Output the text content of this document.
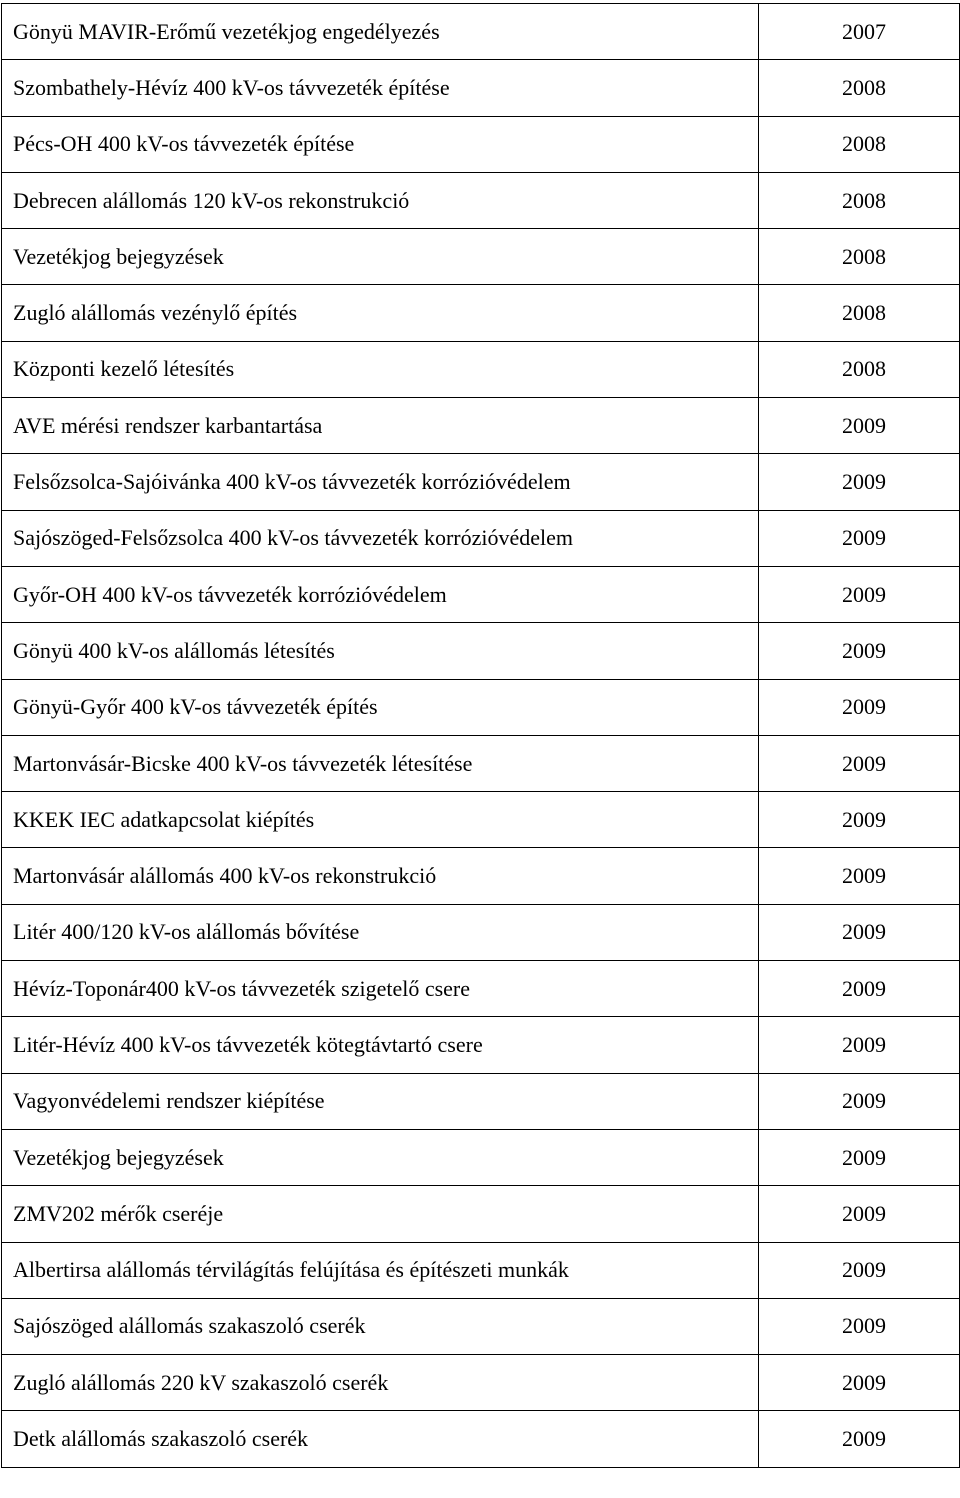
Gönyü MAVIR-Erőmű vezetékjog engedélyezés	2007
Szombathely-Hévíz 400 kV-os távvezeték építése	2008
Pécs-OH 400 kV-os távvezeték építése	2008
Debrecen alállomás 120 kV-os rekonstrukció	2008
Vezetékjog bejegyzések	2008
Zugló alállomás vezénylő építés	2008
Központi kezelő létesítés	2008
AVE mérési rendszer karbantartása	2009
Felsőzsolca-Sajóivánka 400 kV-os távvezeték korrózióvédelem	2009
Sajószöged-Felsőzsolca 400 kV-os távvezeték korrózióvédelem	2009
Győr-OH 400 kV-os távvezeték korrózióvédelem	2009
Gönyü 400 kV-os alállomás létesítés	2009
Gönyü-Győr 400 kV-os távvezeték építés	2009
Martonvásár-Bicske 400 kV-os távvezeték létesítése	2009
KKEK IEC adatkapcsolat kiépítés	2009
Martonvásár alállomás 400 kV-os rekonstrukció	2009
Litér 400/120 kV-os alállomás bővítése	2009
Hévíz-Toponár400 kV-os távvezeték szigetelő csere	2009
Litér-Hévíz 400 kV-os távvezeték kötegtávtartó csere	2009
Vagyonvédelemi rendszer kiépítése	2009
Vezetékjog bejegyzések	2009
ZMV202 mérők cseréje	2009
Albertirsa alállomás térvilágítás felújítása és építészeti munkák	2009
Sajószöged alállomás szakaszoló cserék	2009
Zugló alállomás 220 kV szakaszoló cserék	2009
Detk alállomás szakaszoló cserék	2009
